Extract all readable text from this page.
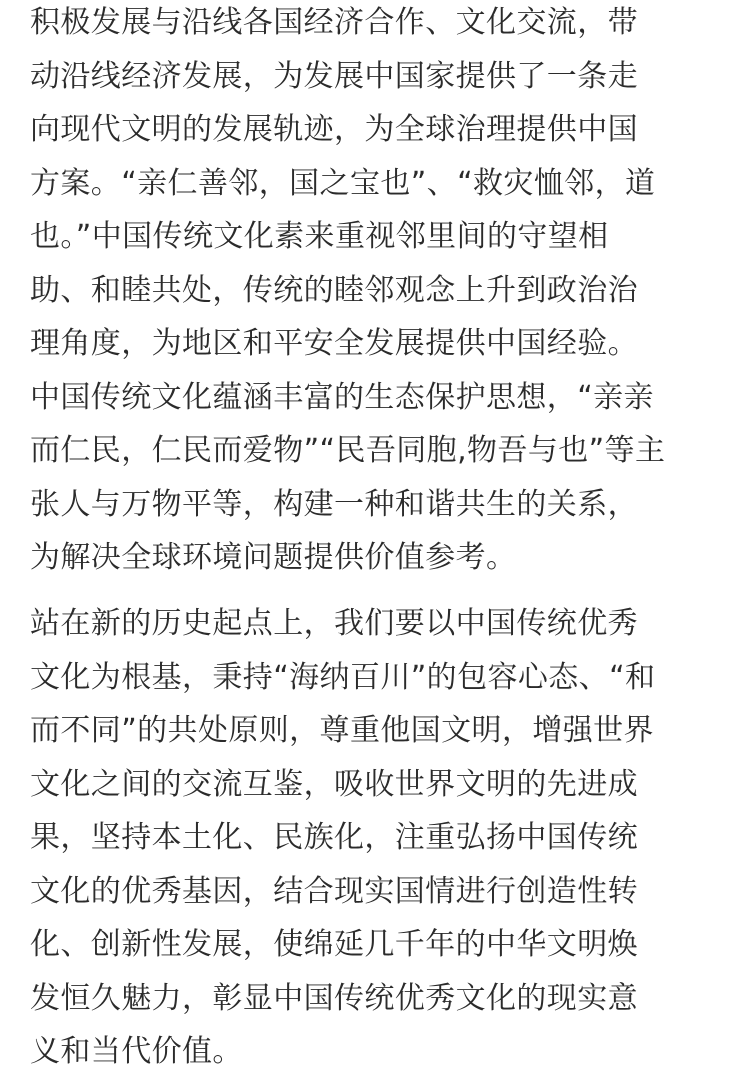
积极发展与沿线各国经济合作、文化交流，带
动沿线经济发展，为发展中国家提供了一条走
向现代文明的发展轨迹，为全球治理提供中国
方案。“亲仁善邻，国之宝也”、“救灾恤邻，道
也。”中国传统文化素来重视邻里间的守望相
助、和睦共处，传统的睦邻观念上升到政治治
理角度，为地区和平安全发展提供中国经验。
中国传统文化蕴涵丰富的生态保护思想，“亲亲
而仁民，仁民而爱物”“民吾同胞,物吾与也”等主
张人与万物平等，构建一种和谐共生的关系，
为解决全球环境问题提供价值参考。

站在新的历史起点上，我们要以中国传统优秀
文化为根基，秉持“海纳百川”的包容心态、“和
而不同”的共处原则，尊重他国文明，增强世界
文化之间的交流互鉴，吸收世界文明的先进成
果，坚持本土化、民族化，注重弘扬中国传统
文化的优秀基因，结合现实国情进行创造性转
化、创新性发展，使绵延几千年的中华文明焕
发恒久魅力，彰显中国传统优秀文化的现实意
义和当代价值。
